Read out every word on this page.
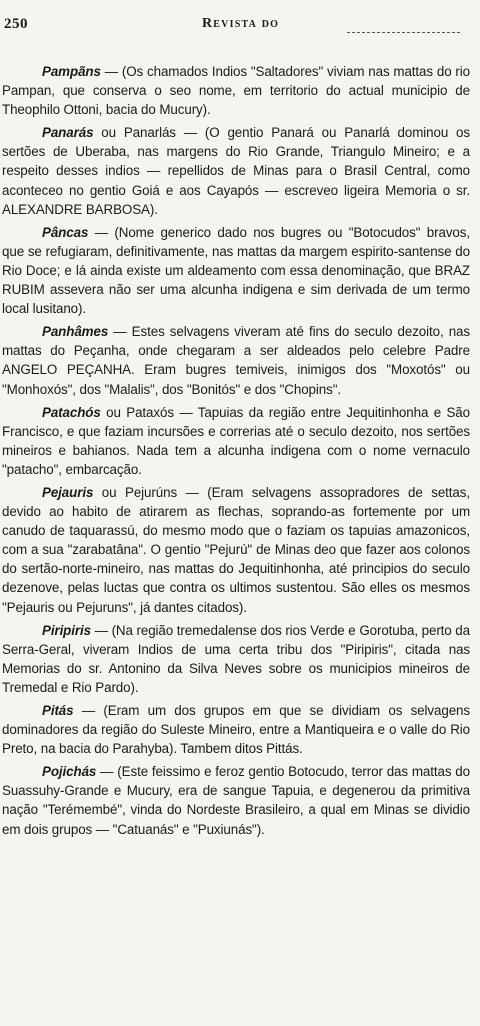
250	Revista do

Pampãns — (Os chamados Indios "Saltadores" viviam nas mattas do rio Pampan, que conserva o seo nome, em territorio do actual municipio de Theophilo Ottoni, bacia do Mucury).

Panarás ou Panarlás — (O gentio Panará ou Panarlá dominou os sertões de Uberaba, nas margens do Rio Grande, Triangulo Mineiro; e a respeito desses indios — repellidos de Minas para o Brasil Central, como aconteceo no gentio Goiá e aos Cayapós — escreveo ligeira Memoria o sr. ALEXANDRE BARBOSA).

Pâncas — (Nome generico dado nos bugres ou "Botocudos" bravos, que se refugiaram, definitivamente, nas mattas da margem espirito-santense do Rio Doce; e lá ainda existe um aldeamento com essa denominação, que BRAZ RUBIM assevera não ser uma alcunha indigena e sim derivada de um termo local lusitano).

Panhâmes — Estes selvagens viveram até fins do seculo dezoito, nas mattas do Peçanha, onde chegaram a ser aldeados pelo celebre Padre ANGELO PEÇANHA. Eram bugres temiveis, inimigos dos "Moxotós" ou "Monhoxós", dos "Malalis", dos "Bonitós" e dos "Chopins".

Patachós ou Pataxós — Tapuias da região entre Jequitinhonha e São Francisco, e que faziam incursões e correrias até o seculo dezoito, nos sertões mineiros e bahianos. Nada tem a alcunha indigena com o nome vernaculo "patacho", embarcação.

Pejauris ou Pejurúns — (Eram selvagens assopradores de settas, devido ao habito de atirarem as flechas, soprando-as fortemente por um canudo de taquarassú, do mesmo modo que o faziam os tapuias amazonicos, com a sua "zarabatâna". O gentio "Pejurú" de Minas deo que fazer aos colonos do sertão-norte-mineiro, nas mattas do Jequitinhonha, até principios do seculo dezenove, pelas luctas que contra os ultimos sustentou. São elles os mesmos "Pejauris ou Pejuruns", já dantes citados).

Piripiris — (Na região tremedalense dos rios Verde e Gorotuba, perto da Serra-Geral, viveram Indios de uma certa tribu dos "Piripiris", citada nas Memorias do sr. Antonino da Silva Neves sobre os municipios mineiros de Tremedal e Rio Pardo).

Pitás — (Eram um dos grupos em que se dividiam os selvagens dominadores da região do Suleste Mineiro, entre a Mantiqueira e o valle do Rio Preto, na bacia do Parahyba). Tambem ditos Pittás.

Pojichás — (Este feissimo e feroz gentio Botocudo, terror das mattas do Suassuhy-Grande e Mucury, era de sangue Tapuia, e degenerou da primitiva nação "Terémembé", vinda do Nordeste Brasileiro, a qual em Minas se dividio em dois grupos — "Catuanás" e "Puxiunás").
